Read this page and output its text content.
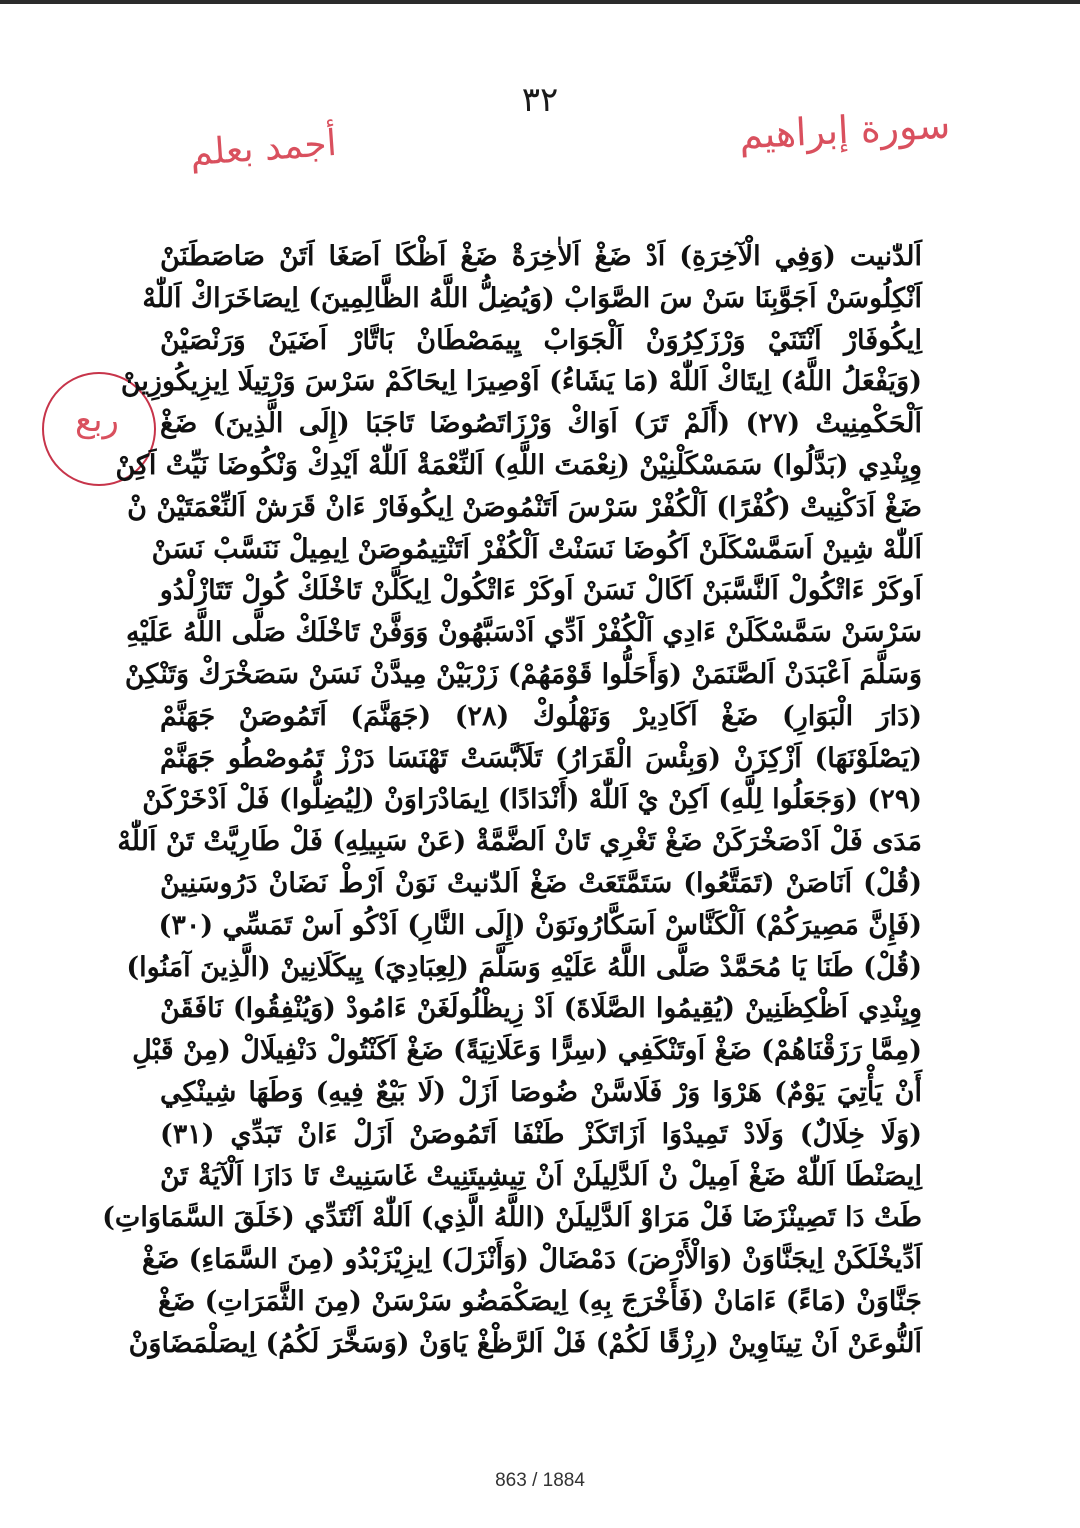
٣٢
سورة إبراهيم
أجمد بعلم
ربع
اَلدّٰنيت (وَفِي الْآخِرَةِ) اَدْ ضَغْ اَلاٰخِرَةْ ضَغْ اَظْكَا اَصَغَا اَتَنْ صَاصَطَنَنْ
اَنْكِلُوسَنْ اَجَوَّبِنَا سَنْ سَ الصَّوَابْ (وَيُضِلُّ اللَّهُ الظَّالِمِينَ) اِيصَاخَرَاكْ اَللّٰهْ
اِيكُوفَارْ اَنْتَنَيْ وَرْزَكِرُوَنْ اَلْجَوَابْ يِيمَصْطَانْ بَاتَّارْ اَضَيَنْ وَرَنْصَيْنْ
(وَيَفْعَلُ اللَّهُ) اِيتَاكْ اَللّٰهْ (مَا يَشَاءُ) اَوْصِيرَا اِيحَاكَمْ سَرْسَ وَرْتِيلَا اِيزِيكُوزِينْ
اَلْحَكْمِنِيتْ (٢٧) (أَلَمْ تَرَ) اَوَاكْ وَرْزَاتَصُوضَا تَاجَبَا (إِلَى الَّذِينَ) ضَغْ
وِيِنْدِي (بَدَّلُوا) سَمَسْكَلْنِيْنْ (نِعْمَتَ اللَّهِ) اَلنِّعْمَةْ اَللّٰهْ اَيْدِكْ وَنْكُوضَا نَيِّتْ اَكِنْ
ضَغْ اَدَكْنِيتْ (كُفْرًا) اَلْكُفْرْ سَرْسَ اَتَنْمُوصَنْ اِيكُوفَارْ ءَانْ قَرَشْ اَلنِّعْمَتَيْنْ نْ
اَللّٰهْ شِينْ اَسَمَّسْكَلَنْ اَكُوضَا نَسَنْتْ اَلْكُفْرْ اَتَنْتِيمُوصَنْ اِيمِيلْ نَنَسَّبْ نَسَنْ
اَوكَرْ ءَاتْكُولْ اَلنَّسَّبَنْ اَكَالْ نَسَنْ اَوكَرْ ءَاتْكُولْ اِيكَلَّنْ تَاخْلَكْ كُولْ تَتَازْلْدُو
سَرْسَنْ سَمَّسْكَلَنْ ءَادِي اَلْكُفْرْ اَدِّي اَدْسَبَّهُونْ وَوَفَّنْ تَاخْلَكْ صَلَّى اللَّهُ عَلَيْهِ
وَسَلَّمَ اَعْبَدَنْ اَلصَّنَمَنْ (وَأَحَلُّوا قَوْمَهُمْ) زَرْبَيْنْ مِيدَّنْ نَسَنْ سَصَخْرَكْ وَتَنْكِنْ
(دَارَ الْبَوَارِ) ضَغْ اَكَادِيرْ وَنَهْلُوكْ (٢٨) (جَهَنَّمَ) اَتَمُوصَنْ جَهَنَّمْ
(يَصْلَوْنَهَا) اَزْكِزَنْ (وَبِئْسَ الْقَرَارُ) تَلَاَبَّسَتْ تَهْنَسَا دَرْزْ تَمُوصْطُو جَهَنَّمْ
(٢٩) (وَجَعَلُوا لِلَّهِ) اَكِنْ يْ اَللّٰهْ (أَنْدَادًا) اِيمَادْرَاوَنْ (لِيُضِلُّوا) فَلْ اَدْخَرْكَنْ
مَدَى فَلْ اَدْصَخْرَكَنْ ضَغْ تَغْرِي تَانْ اَلضَّمَّةْ (عَنْ سَبِيلِهِ) فَلْ طَارِيَّتْ تَنْ اَللّٰهْ
(قُلْ) اَنَاصَنْ (تَمَتَّعُوا) سَتَمَّتَعَتْ ضَغْ اَلدّٰنيتْ نَوَنْ اَرْطْ نَضَانْ دَرُوسَنِينْ
(فَإِنَّ مَصِيرَكُمْ) اَلْكَنَّاسْ اَسَكَّارُونَوَنْ (إِلَى النَّارِ) اَدْكُو اَسْ تَمَسِّي (٣٠)
(قُلْ) طَنَا يَا مُحَمَّدْ صَلَّى اللَّهُ عَلَيْهِ وَسَلَّمَ (لِعِبَادِيَ) يِيكَلَانِينْ (الَّذِينَ آمَنُوا)
وِيِنْدِي اَظْكِظَنِينْ (يُقِيمُوا الصَّلَاةَ) اَدْ زِيظْلُولَغَنْ ءَامُودْ (وَيُنْفِقُوا) نَافَقَنْ
(مِمَّا رَزَقْنَاهُمْ) ضَغْ اَوتَنْكَفِي (سِرًّا وَعَلَانِيَةً) ضَغْ اَكَنْتُولْ دَنْفِيلَالْ (مِنْ قَبْلِ
أَنْ يَأْتِيَ يَوْمٌ) هَرْوَا وَرْ فَلَاسَّنْ ضُوصَا اَزَلْ (لَا بَيْعٌ فِيهِ) وَطَهَا شِينْكِي
(وَلَا خِلَالٌ) وَلَادْ تَمِيدْوَا اَزَاتَكَزْ طَنْفَا اَتَمُوصَنْ اَزَلْ ءَانْ تَبَدِّي (٣١)
اِيصَنْطَا اَللّٰهْ ضَغْ اَمِيلْ نْ اَلدَّلِيلَنْ اَنْ تِيشِيتَنِيتْ غَاسَنِيتْ تَا دَازَا اَلْآيَةْ تَنْ
طَتْ دَا تَصِينْزَضَا فَلْ مَرَاوْ اَلدَّلِيلَنْ (اللَّهُ الَّذِي) اَللّٰهْ اَنْتَدِّي (خَلَقَ السَّمَاوَاتِ)
اَدِّيخْلَكَنْ اِيجَنَّاوَنْ (وَالْأَرْضَ) دَمْضَالْ (وَأَنْزَلَ) اِيزِيْزَبْدُو (مِنَ السَّمَاءِ) ضَغْ
جَنَّاوَنْ (مَاءً) ءَامَانْ (فَأَخْرَجَ بِهِ) اِيصَكْمَضُو سَرْسَنْ (مِنَ الثَّمَرَاتِ) ضَغْ
اَلنُّوعَنْ اَنْ تِينَاوِينْ (رِزْقًا لَكُمْ) فَلْ اَلرَّظْغْ يَاوَنْ (وَسَخَّرَ لَكُمُ) اِيصَلْمَضَاوَنْ
863 / 1884
